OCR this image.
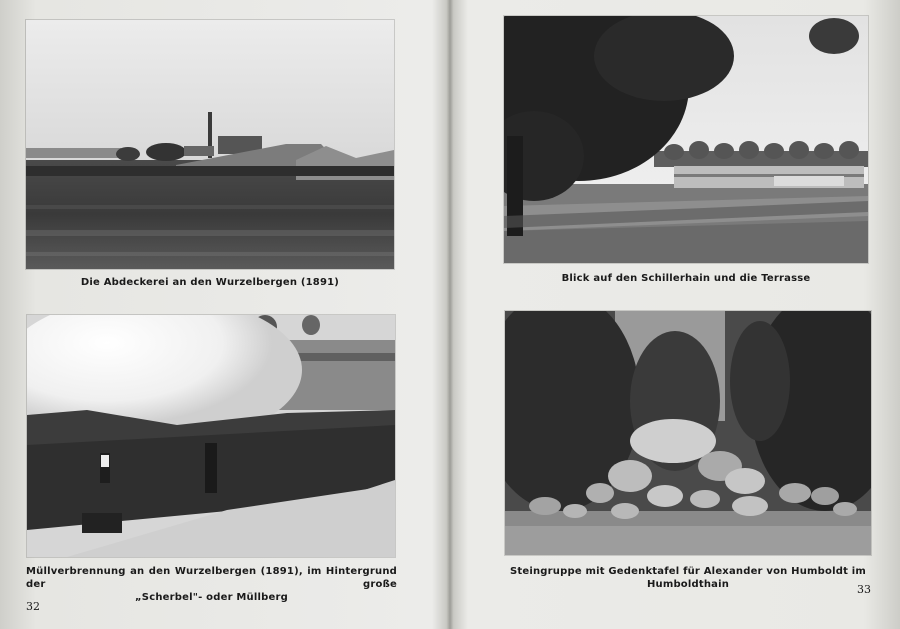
Die Abdeckerei an den Wurzelbergen (1891)
Müllverbrennung an den Wurzelbergen (1891), im Hintergrund der große
„Scherbel"- oder Müllberg
32
Blick auf den Schillerhain und die Terrasse
Steingruppe mit Gedenktafel für Alexander von Humboldt im Humboldthain	33
